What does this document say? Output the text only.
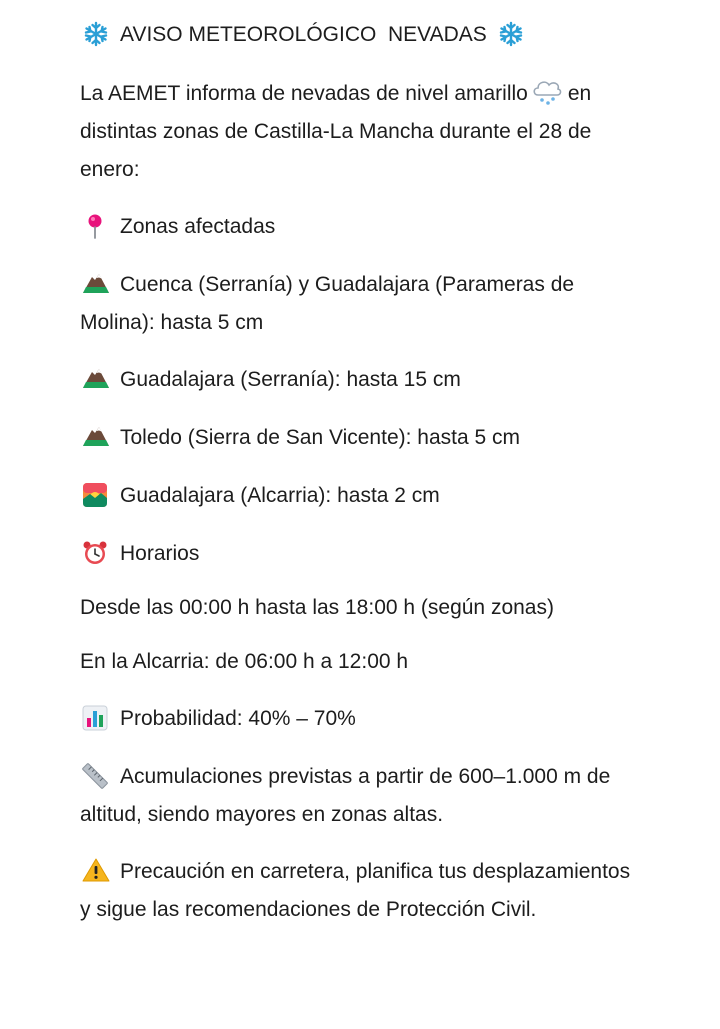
AVISO METEOROLÓGICO  NEVADAS
La AEMET informa de nevadas de nivel amarillo en distintas zonas de Castilla-La Mancha durante el 28 de enero:
Zonas afectadas
Cuenca (Serranía) y Guadalajara (Parameras de Molina): hasta 5 cm
Guadalajara (Serranía): hasta 15 cm
Toledo (Sierra de San Vicente): hasta 5 cm
Guadalajara (Alcarria): hasta 2 cm
Horarios
Desde las 00:00 h hasta las 18:00 h (según zonas)
En la Alcarria: de 06:00 h a 12:00 h
Probabilidad: 40% – 70%
Acumulaciones previstas a partir de 600–1.000 m de altitud, siendo mayores en zonas altas.
Precaución en carretera, planifica tus desplazamientos y sigue las recomendaciones de Protección Civil.
